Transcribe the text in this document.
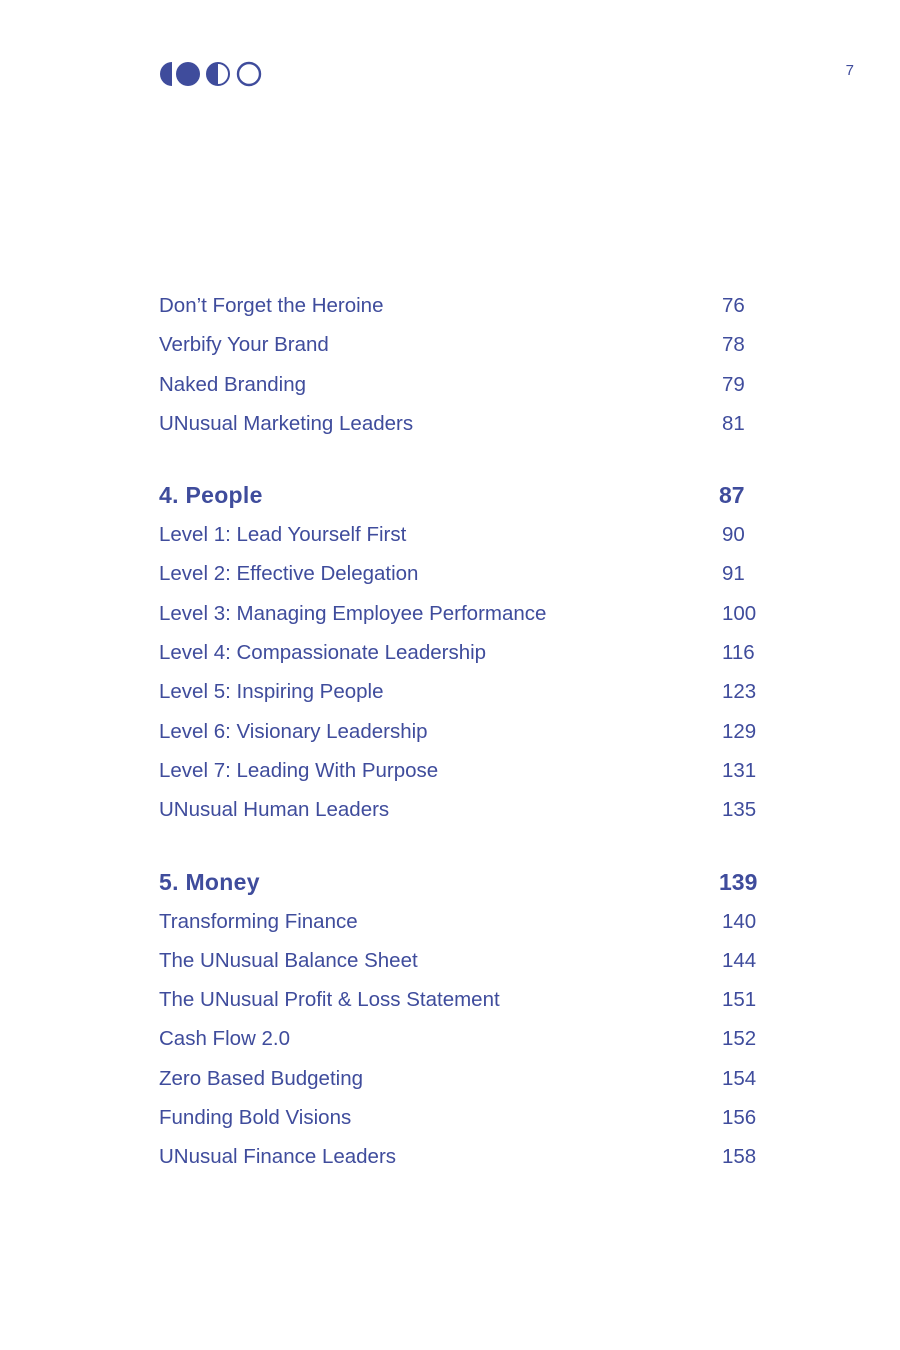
7
Don’t Forget the Heroine	76
Verbify Your Brand	78
Naked Branding	79
UNusual Marketing Leaders	81
4. People	87
Level 1: Lead Yourself First	90
Level 2: Effective Delegation	91
Level 3: Managing Employee Performance	100
Level 4: Compassionate Leadership	116
Level 5: Inspiring People	123
Level 6: Visionary Leadership	129
Level 7: Leading With Purpose	131
UNusual Human Leaders	135
5. Money	139
Transforming Finance	140
The UNusual Balance Sheet	144
The UNusual Profit & Loss Statement	151
Cash Flow 2.0	152
Zero Based Budgeting	154
Funding Bold Visions	156
UNusual Finance Leaders	158
